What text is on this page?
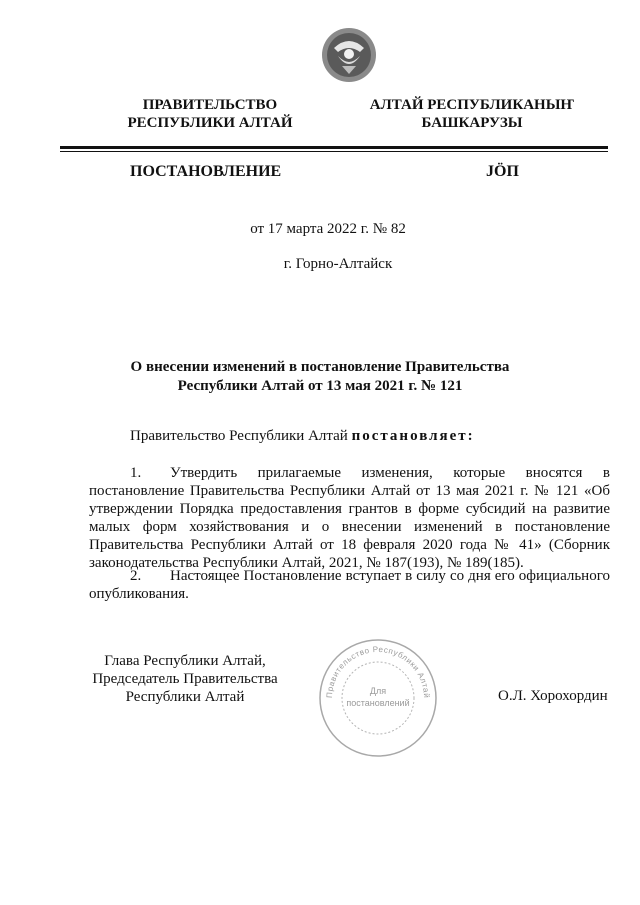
ПРАВИТЕЛЬСТВО
РЕСПУБЛИКИ АЛТАЙ
АЛТАЙ РЕСПУБЛИКАНЫҤ
БАШКАРУЗЫ
ПОСТАНОВЛЕНИЕ	JÖП
от 17 марта 2022 г. № 82
г. Горно-Алтайск
О внесении изменений в постановление Правительства
Республики Алтай от 13 мая 2021 г. № 121
Правительство Республики Алтай постановляет:
1. Утвердить прилагаемые изменения, которые вносятся в постановление Правительства Республики Алтай от 13 мая 2021 г. № 121 «Об утверждении Порядка предоставления грантов в форме субсидий на развитие малых форм хозяйствования и о внесении изменений в постановление Правительства Республики Алтай от 18 февраля 2020 года № 41» (Сборник законодательства Республики Алтай, 2021, № 187(193), № 189(185).
2. Настоящее Постановление вступает в силу со дня его официального опубликования.
Глава Республики Алтай,
Председатель Правительства
Республики Алтай	О.Л. Хорохордин
Правительство Республики Алтай
Для
постановлений
